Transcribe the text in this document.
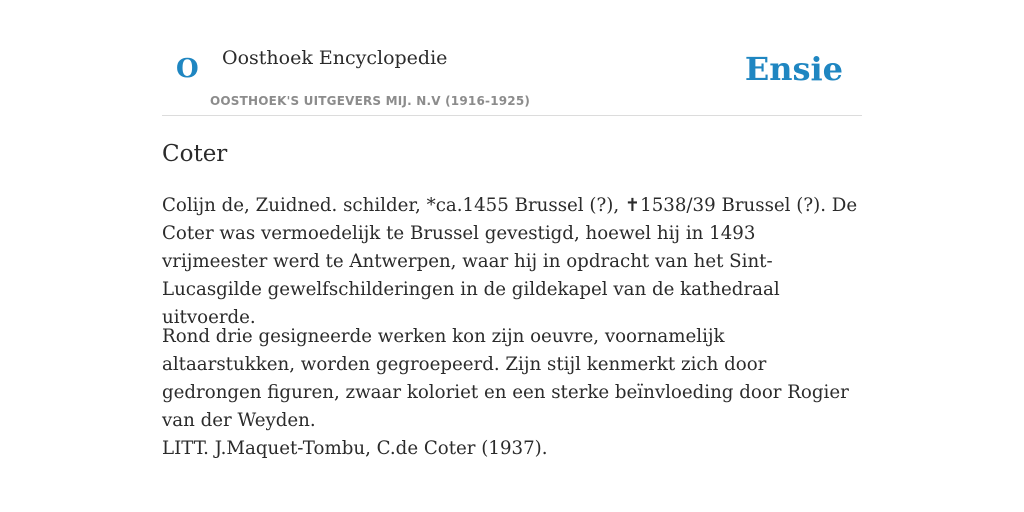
O Oosthoek Encyclopedie
OOSTHOEK'S UITGEVERS MIJ. N.V (1916-1925)
Ensie
Coter

Colijn de, Zuidned. schilder, *ca.1455 Brussel (?), ✝1538/39 Brussel (?). De Coter was vermoedelijk te Brussel gevestigd, hoewel hij in 1493 vrijmeester werd te Antwerpen, waar hij in opdracht van het Sint-Lucasgilde gewelfschilderingen in de gildekapel van de kathedraal uitvoerde.

Rond drie gesigneerde werken kon zijn oeuvre, voornamelijk altaarstukken, worden gegroepeerd. Zijn stijl kenmerkt zich door gedrongen figuren, zwaar koloriet en een sterke beïnvloeding door Rogier van der Weyden.

LITT. J.Maquet-Tombu, C.de Coter (1937).
